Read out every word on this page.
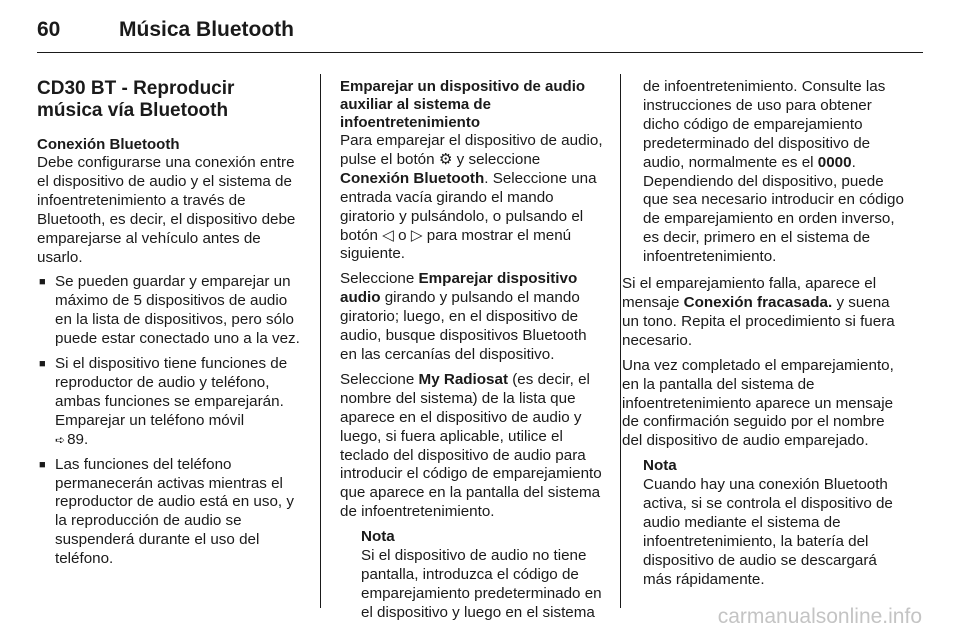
60	Música Bluetooth
CD30 BT - Reproducir música vía Bluetooth
Conexión Bluetooth

Debe configurarse una conexión entre el dispositivo de audio y el sistema de infoentretenimiento a través de Bluetooth, es decir, el dispositivo debe emparejarse al vehículo antes de usarlo.

■ Se pueden guardar y emparejar un máximo de 5 dispositivos de audio en la lista de dispositivos, pero sólo puede estar conectado uno a la vez.
■ Si el dispositivo tiene funciones de reproductor de audio y teléfono, ambas funciones se emparejarán. Emparejar un teléfono móvil
➪ 89.
■ Las funciones del teléfono permanecerán activas mientras el reproductor de audio está en uso, y la reproducción de audio se suspenderá durante el uso del teléfono.
Emparejar un dispositivo de audio auxiliar al sistema de infoentretenimiento

Para emparejar el dispositivo de audio, pulse el botón ⚙ y seleccione Conexión Bluetooth. Seleccione una entrada vacía girando el mando giratorio y pulsándolo, o pulsando el botón ◁ o ▷ para mostrar el menú siguiente.

Seleccione Emparejar dispositivo audio girando y pulsando el mando giratorio; luego, en el dispositivo de audio, busque dispositivos Bluetooth en las cercanías del dispositivo.

Seleccione My Radiosat (es decir, el nombre del sistema) de la lista que aparece en el dispositivo de audio y luego, si fuera aplicable, utilice el teclado del dispositivo de audio para introducir el código de emparejamiento que aparece en la pantalla del sistema de infoentretenimiento.

Nota
Si el dispositivo de audio no tiene pantalla, introduzca el código de emparejamiento predeterminado en el dispositivo y luego en el sistema
de infoentretenimiento. Consulte las instrucciones de uso para obtener dicho código de emparejamiento predeterminado del dispositivo de audio, normalmente es el 0000. Dependiendo del dispositivo, puede que sea necesario introducir en código de emparejamiento en orden inverso, es decir, primero en el sistema de infoentretenimiento.

Si el emparejamiento falla, aparece el mensaje Conexión fracasada. y suena un tono. Repita el procedimiento si fuera necesario.

Una vez completado el emparejamiento, en la pantalla del sistema de infoentretenimiento aparece un mensaje de confirmación seguido por el nombre del dispositivo de audio emparejado.

Nota
Cuando hay una conexión Bluetooth activa, si se controla el dispositivo de audio mediante el sistema de infoentretenimiento, la batería del dispositivo de audio se descargará más rápidamente.
carmanualsonline.info
